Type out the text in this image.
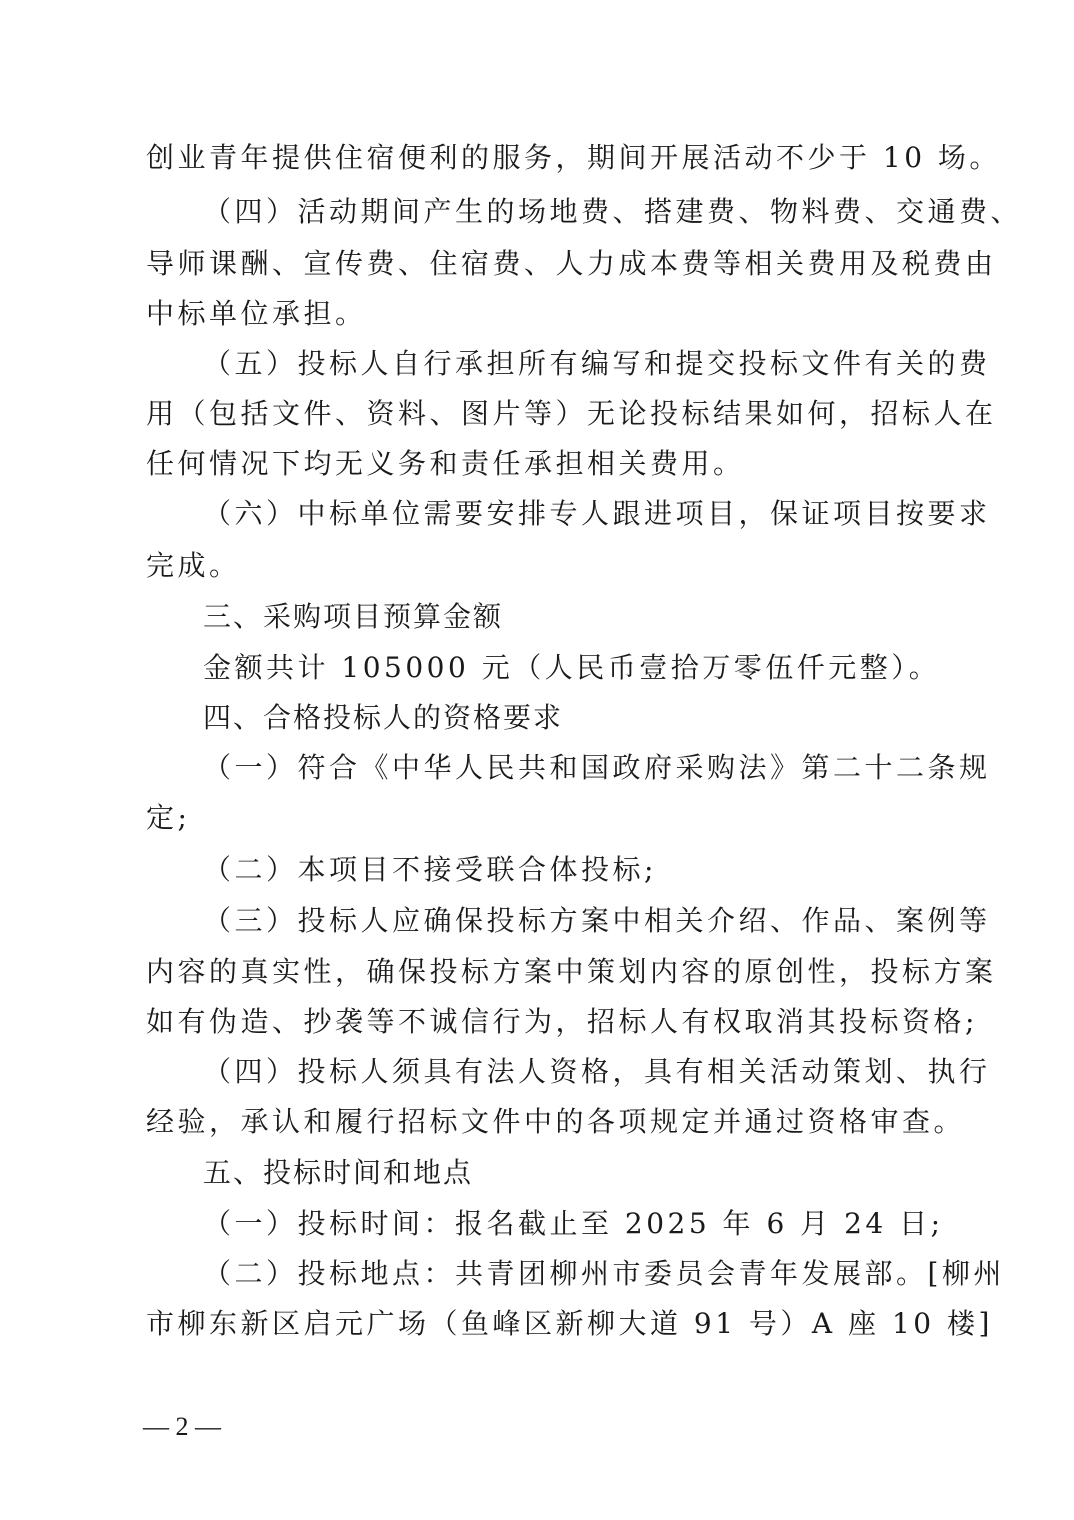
创业青年提供住宿便利的服务，期间开展活动不少于 10 场。
（四）活动期间产生的场地费、搭建费、物料费、交通费、
导师课酬、宣传费、住宿费、人力成本费等相关费用及税费由
中标单位承担。
（五）投标人自行承担所有编写和提交投标文件有关的费
用（包括文件、资料、图片等）无论投标结果如何，招标人在
任何情况下均无义务和责任承担相关费用。
（六）中标单位需要安排专人跟进项目，保证项目按要求
完成。
三、采购项目预算金额
金额共计 105000 元（人民币壹拾万零伍仟元整）。
四、合格投标人的资格要求
（一）符合《中华人民共和国政府采购法》第二十二条规
定;
（二）本项目不接受联合体投标;
（三）投标人应确保投标方案中相关介绍、作品、案例等
内容的真实性，确保投标方案中策划内容的原创性，投标方案
如有伪造、抄袭等不诚信行为，招标人有权取消其投标资格;
（四）投标人须具有法人资格，具有相关活动策划、执行
经验，承认和履行招标文件中的各项规定并通过资格审查。
五、投标时间和地点
（一）投标时间：报名截止至 2025 年 6 月 24 日;
（二）投标地点：共青团柳州市委员会青年发展部。[柳州
市柳东新区启元广场（鱼峰区新柳大道 91 号）A 座 10 楼]
— 2 —
